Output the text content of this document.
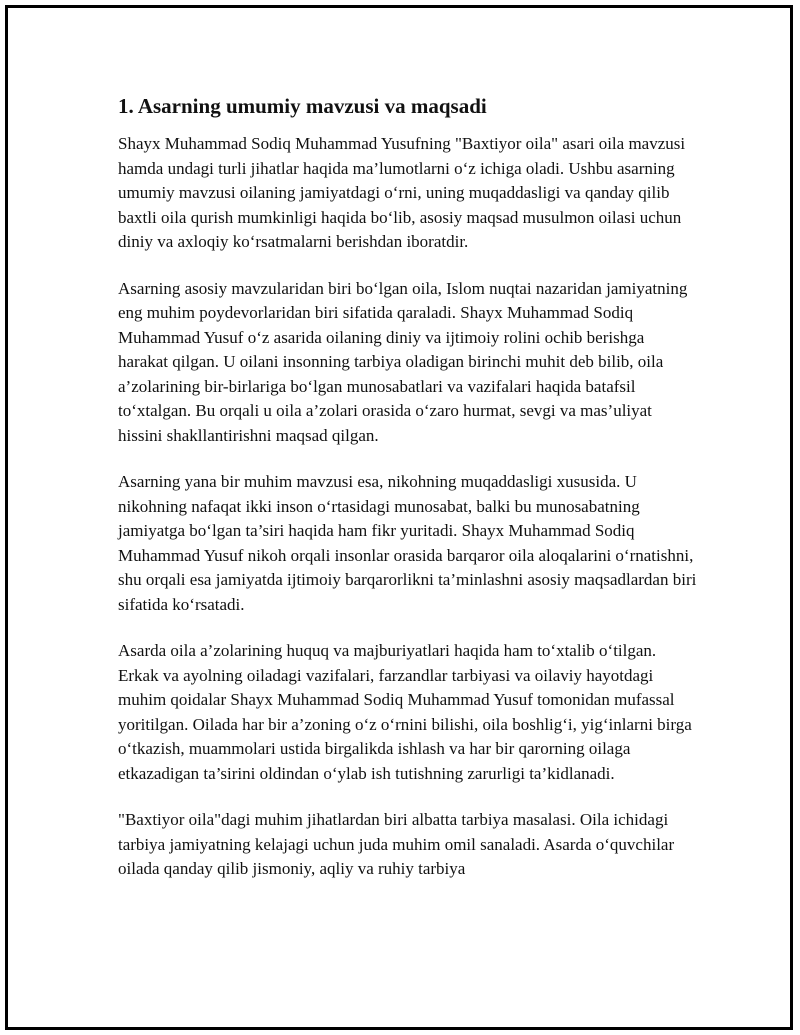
1. Asarning umumiy mavzusi va maqsadi

Shayx Muhammad Sodiq Muhammad Yusufning "Baxtiyor oila" asari oila mavzusi hamda undagi turli jihatlar haqida ma’lumotlarni o‘z ichiga oladi. Ushbu asarning umumiy mavzusi oilaning jamiyatdagi o‘rni, uning muqaddasligi va qanday qilib baxtli oila qurish mumkinligi haqida bo‘lib, asosiy maqsad musulmon oilasi uchun diniy va axloqiy ko‘rsatmalarni berishdan iboratdir.

Asarning asosiy mavzularidan biri bo‘lgan oila, Islom nuqtai nazaridan jamiyatning eng muhim poydevorlaridan biri sifatida qaraladi. Shayx Muhammad Sodiq Muhammad Yusuf o‘z asarida oilaning diniy va ijtimoiy rolini ochib berishga harakat qilgan. U oilani insonning tarbiya oladigan birinchi muhit deb bilib, oila a’zolarining bir-birlariga bo‘lgan munosabatlari va vazifalari haqida batafsil to‘xtalgan. Bu orqali u oila a’zolari orasida o‘zaro hurmat, sevgi va mas’uliyat hissini shakllantirishni maqsad qilgan.

Asarning yana bir muhim mavzusi esa, nikohning muqaddasligi xususida. U nikohning nafaqat ikki inson o‘rtasidagi munosabat, balki bu munosabatning jamiyatga bo‘lgan ta’siri haqida ham fikr yuritadi. Shayx Muhammad Sodiq Muhammad Yusuf nikoh orqali insonlar orasida barqaror oila aloqalarini o‘rnatishni, shu orqali esa jamiyatda ijtimoiy barqarorlikni ta’minlashni asosiy maqsadlardan biri sifatida ko‘rsatadi.

Asarda oila a’zolarining huquq va majburiyatlari haqida ham to‘xtalib o‘tilgan. Erkak va ayolning oiladagi vazifalari, farzandlar tarbiyasi va oilaviy hayotdagi muhim qoidalar Shayx Muhammad Sodiq Muhammad Yusuf tomonidan mufassal yoritilgan. Oilada har bir a’zoning o‘z o‘rnini bilishi, oila boshlig‘i, yig‘inlarni birga o‘tkazish, muammolari ustida birgalikda ishlash va har bir qarorning oilaga etkazadigan ta’sirini oldindan o‘ylab ish tutishning zarurligi ta’kidlanadi.

"Baxtiyor oila"dagi muhim jihatlardan biri albatta tarbiya masalasi. Oila ichidagi tarbiya jamiyatning kelajagi uchun juda muhim omil sanaladi. Asarda o‘quvchilar oilada qanday qilib jismoniy, aqliy va ruhiy tarbiya
